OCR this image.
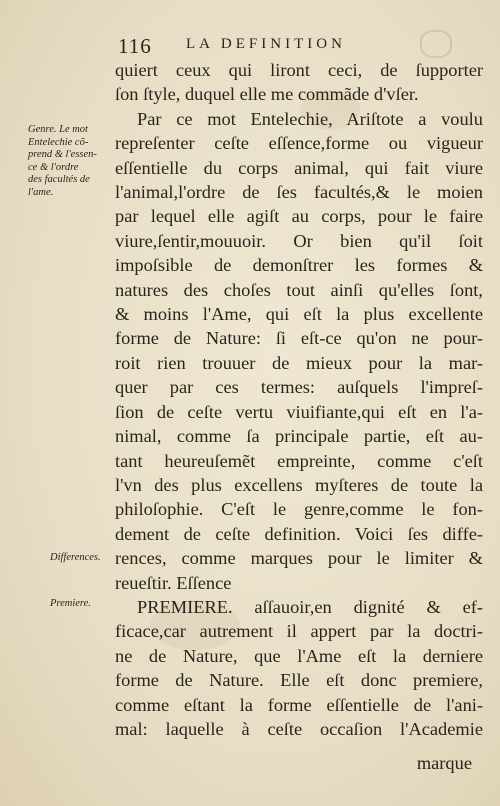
116 LA DEFINITION
Genre. Le mot
Entelechie cõ-
prend & l'essen-
ce & l'ordre
des facultés de
l'ame.
Differences.
Premiere.
quiert ceux qui liront ceci, de ſupporter
ſon ſtyle, duquel elle me commãde d'vſer.
Par ce mot Entelechie, Ariſtote a voulu
repreſenter ceſte eſſence,forme ou vigueur
eſſentielle du corps animal, qui fait viure
l'animal,l'ordre de ſes facultés,& le moien
par lequel elle agiſt au corps, pour le faire
viure,ſentir,mouuoir. Or bien qu'il ſoit
impoſsible de demonſtrer les formes &
natures des choſes tout ainſi qu'elles ſont,
& moins l'Ame, qui eſt la plus excellente
forme de Nature: ſi eſt-ce qu'on ne pour-
roit rien trouuer de mieux pour la mar-
quer par ces termes: auſquels l'impreſ-
ſion de ceſte vertu viuifiante,qui eſt en l'a-
nimal, comme ſa principale partie, eſt au-
tant heureuſemẽt empreinte, comme c'eſt
l'vn des plus excellens myſteres de toute la
philoſophie. C'eſt le genre,comme le fon-
dement de ceſte definition. Voici ſes diffe-
rences, comme marques pour le limiter &
reueſtir. Eſſence
PREMIERE. aſſauoir,en dignité & ef-
ficace,car autrement il appert par la doctri-
ne de Nature, que l'Ame eſt la derniere
forme de Nature. Elle eſt donc premiere,
comme eſtant la forme eſſentielle de l'ani-
mal: laquelle à ceſte occaſion l'Academie
marque
